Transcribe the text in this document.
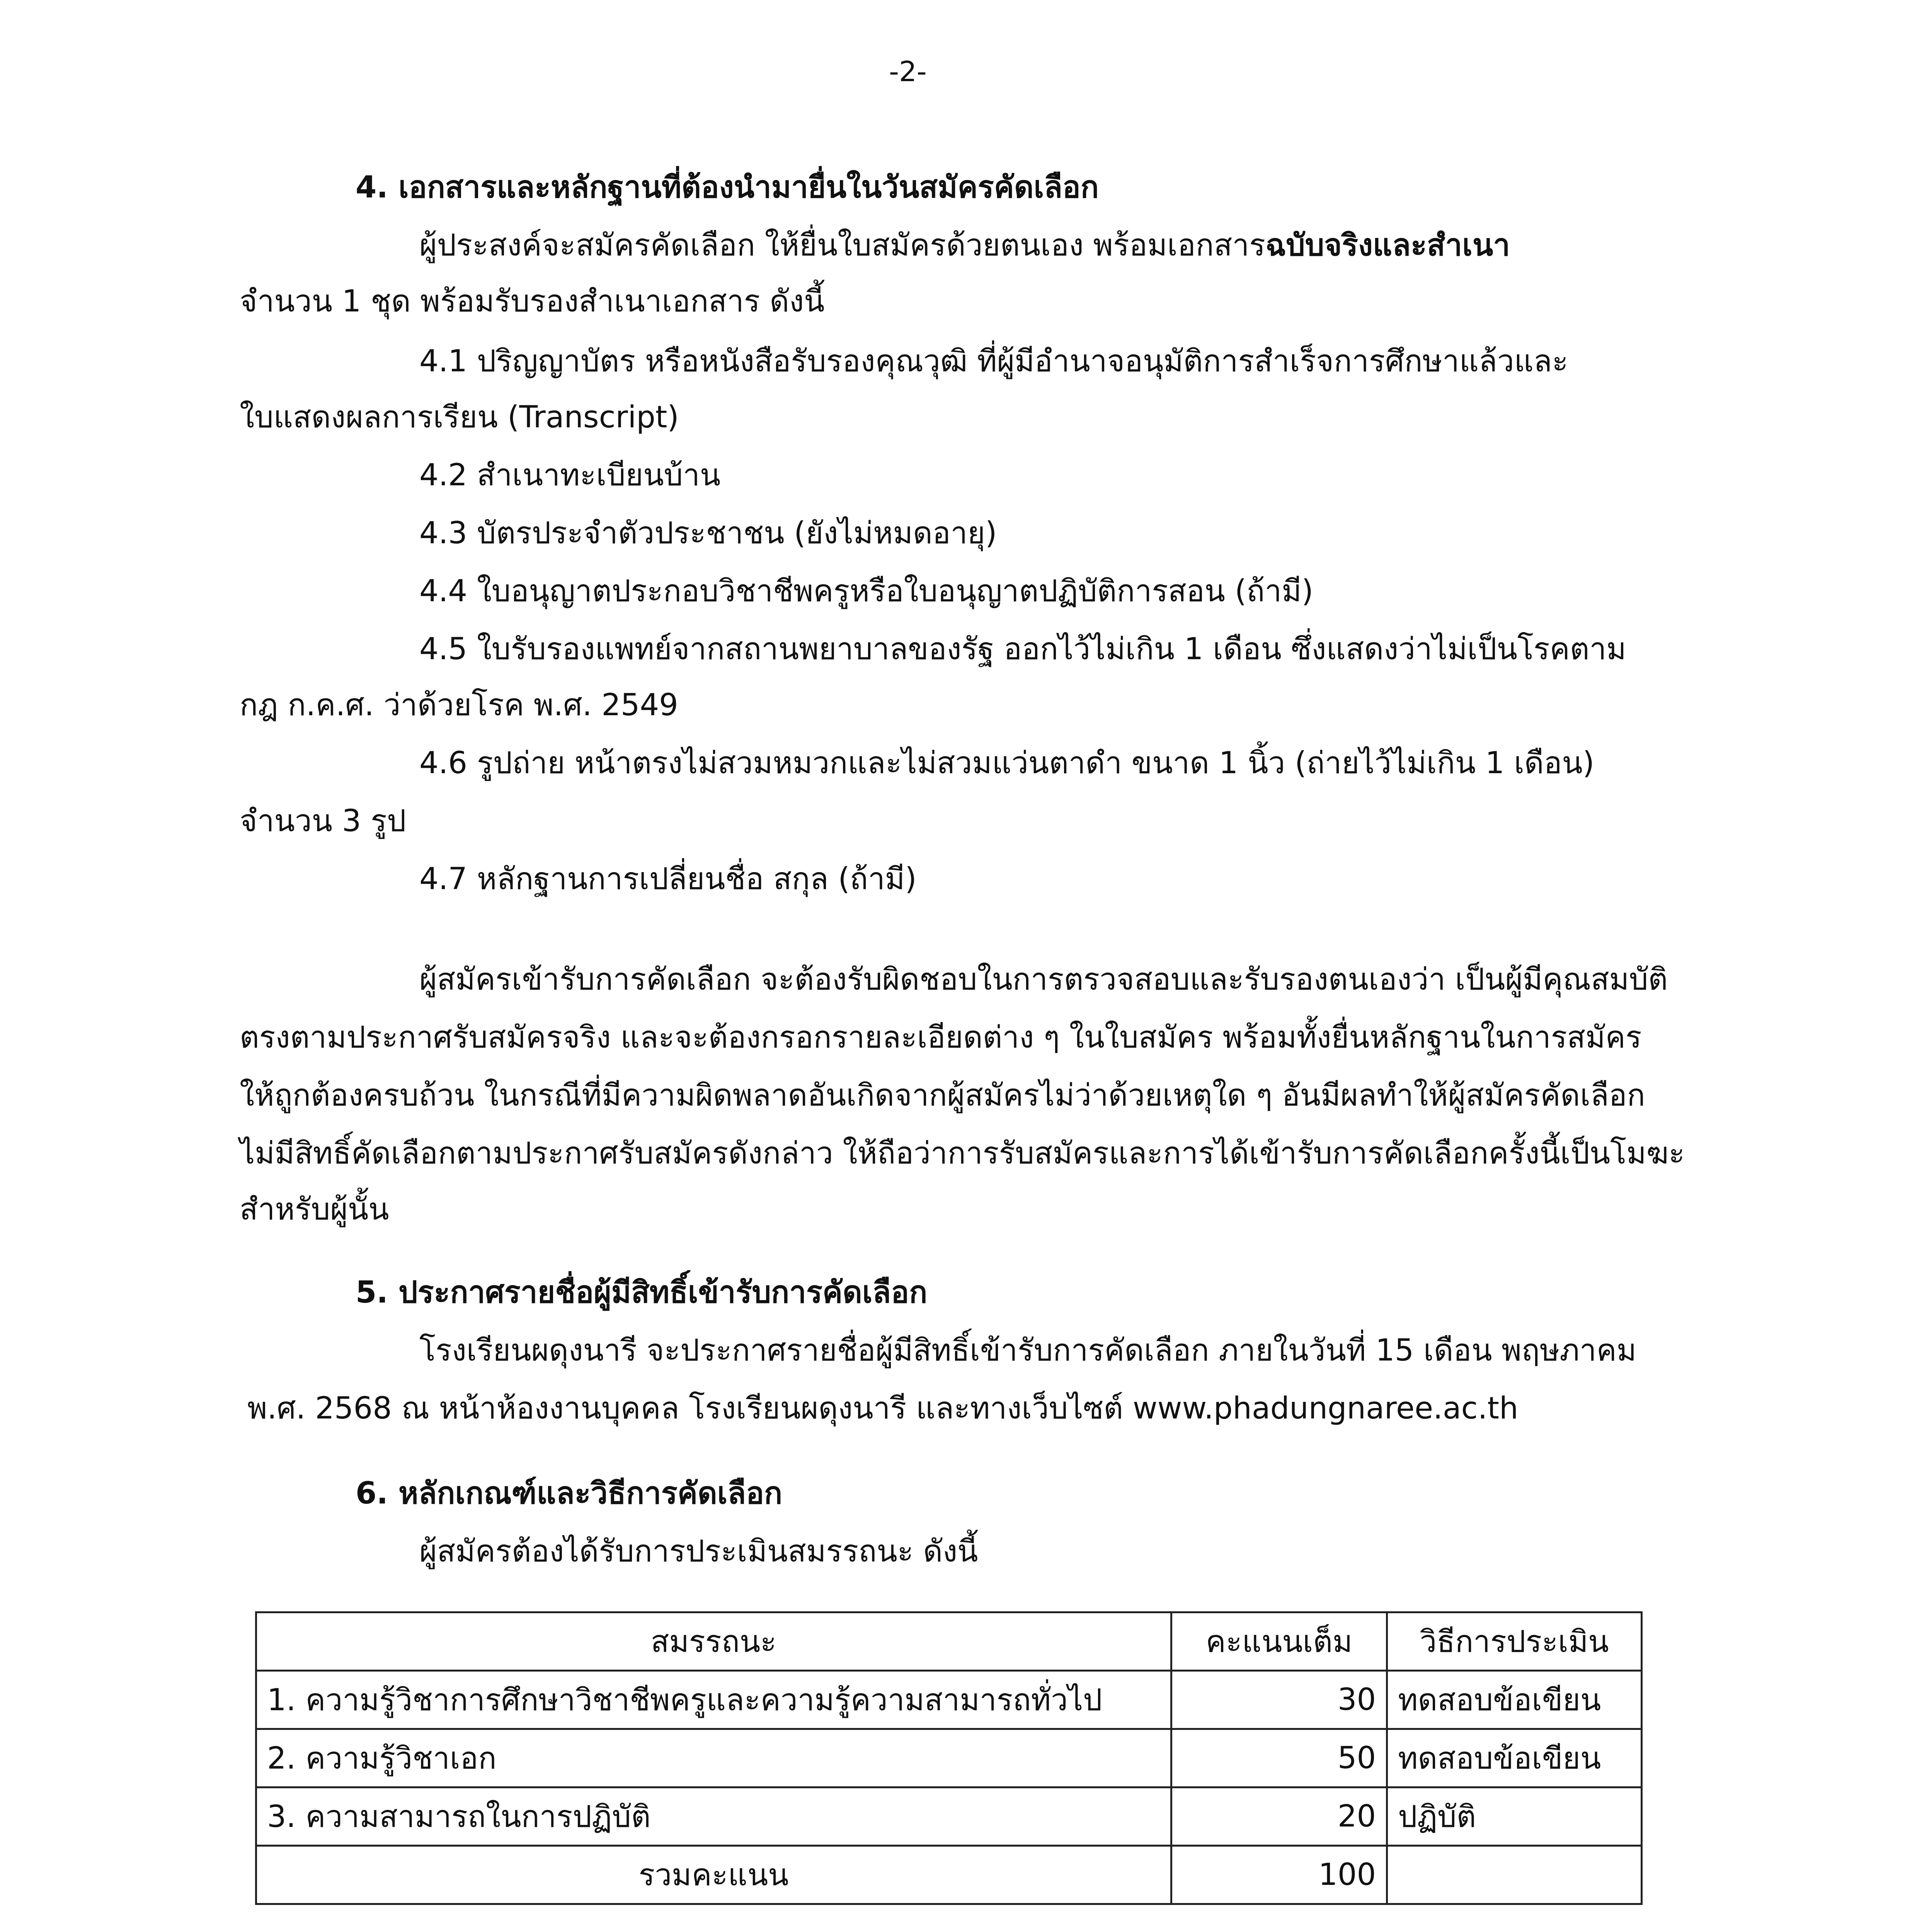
-2-
4. เอกสารและหลักฐานที่ต้องนำมายื่นในวันสมัครคัดเลือก
ผู้ประสงค์จะสมัครคัดเลือก ให้ยื่นใบสมัครด้วยตนเอง พร้อมเอกสารฉบับจริงและสำเนา
จำนวน 1 ชุด พร้อมรับรองสำเนาเอกสาร ดังนี้
4.1 ปริญญาบัตร หรือหนังสือรับรองคุณวุฒิ ที่ผู้มีอำนาจอนุมัติการสำเร็จการศึกษาแล้วและ
ใบแสดงผลการเรียน (Transcript)
4.2 สำเนาทะเบียนบ้าน
4.3 บัตรประจำตัวประชาชน (ยังไม่หมดอายุ)
4.4 ใบอนุญาตประกอบวิชาชีพครูหรือใบอนุญาตปฏิบัติการสอน (ถ้ามี)
4.5 ใบรับรองแพทย์จากสถานพยาบาลของรัฐ ออกไว้ไม่เกิน 1 เดือน ซึ่งแสดงว่าไม่เป็นโรคตาม
กฎ ก.ค.ศ. ว่าด้วยโรค พ.ศ. 2549
4.6 รูปถ่าย หน้าตรงไม่สวมหมวกและไม่สวมแว่นตาดำ ขนาด 1 นิ้ว (ถ่ายไว้ไม่เกิน 1 เดือน)
จำนวน 3 รูป
4.7 หลักฐานการเปลี่ยนชื่อ สกุล (ถ้ามี)
ผู้สมัครเข้ารับการคัดเลือก จะต้องรับผิดชอบในการตรวจสอบและรับรองตนเองว่า เป็นผู้มีคุณสมบัติ
ตรงตามประกาศรับสมัครจริง และจะต้องกรอกรายละเอียดต่าง ๆ ในใบสมัคร พร้อมทั้งยื่นหลักฐานในการสมัคร
ให้ถูกต้องครบถ้วน ในกรณีที่มีความผิดพลาดอันเกิดจากผู้สมัครไม่ว่าด้วยเหตุใด ๆ อันมีผลทำให้ผู้สมัครคัดเลือก
ไม่มีสิทธิ์คัดเลือกตามประกาศรับสมัครดังกล่าว ให้ถือว่าการรับสมัครและการได้เข้ารับการคัดเลือกครั้งนี้เป็นโมฆะ
สำหรับผู้นั้น
5. ประกาศรายชื่อผู้มีสิทธิ์เข้ารับการคัดเลือก
โรงเรียนผดุงนารี จะประกาศรายชื่อผู้มีสิทธิ์เข้ารับการคัดเลือก ภายในวันที่ 15 เดือน พฤษภาคม
พ.ศ. 2568 ณ หน้าห้องงานบุคคล โรงเรียนผดุงนารี และทางเว็บไซต์ www.phadungnaree.ac.th
6. หลักเกณฑ์และวิธีการคัดเลือก
ผู้สมัครต้องได้รับการประเมินสมรรถนะ ดังนี้
สมรรถนะ	คะแนนเต็ม	วิธีการประเมิน
1. ความรู้วิชาการศึกษาวิชาชีพครูและความรู้ความสามารถทั่วไป	30	ทดสอบข้อเขียน
2. ความรู้วิชาเอก	50	ทดสอบข้อเขียน
3. ความสามารถในการปฏิบัติ	20	ปฏิบัติ
รวมคะแนน	100	
